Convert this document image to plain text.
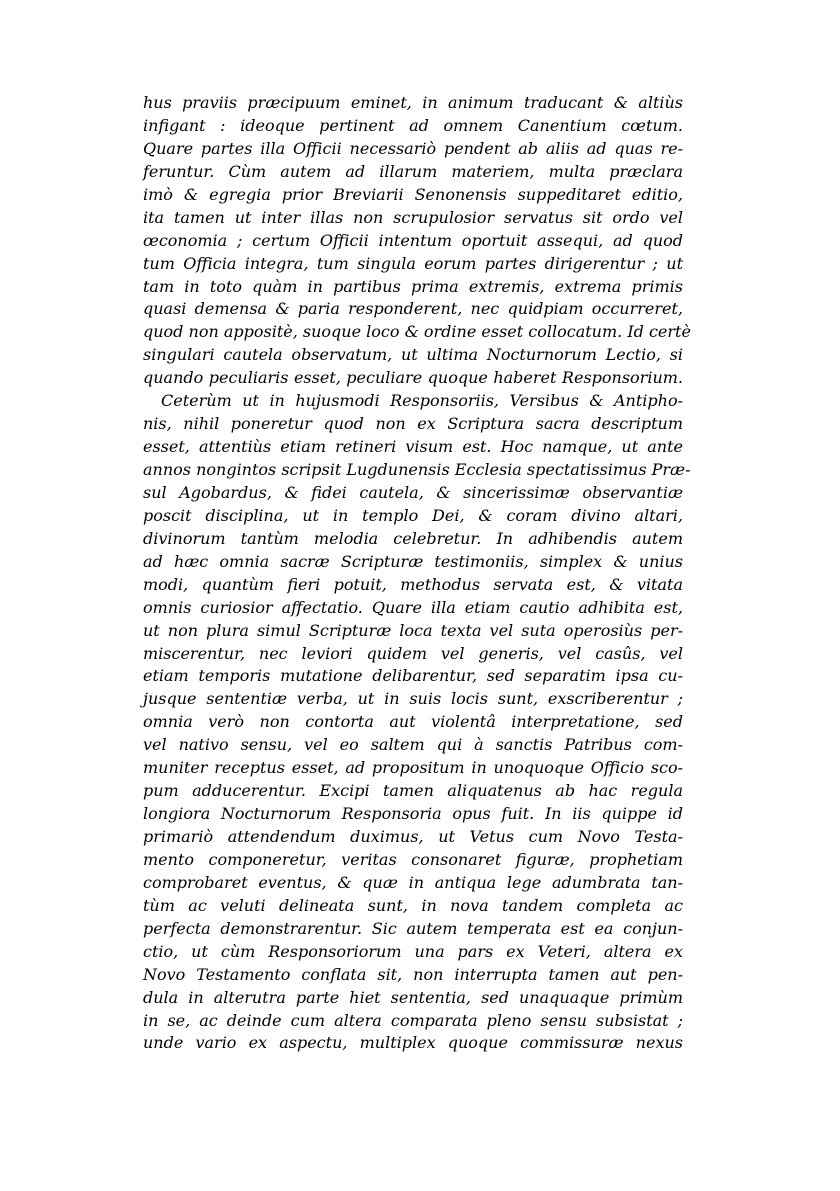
hus praviis præcipuum eminet, in animum traducant & altiùs
infigant : ideoque pertinent ad omnem Canentium cœtum.
Quare partes illa Officii necessariò pendent ab aliis ad quas re-
feruntur. Cùm autem ad illarum materiem, multa præclara
imò & egregia prior Breviarii Senonensis suppeditaret editio,
ita tamen ut inter illas non scrupulosior servatus sit ordo vel
œconomia ; certum Officii intentum oportuit assequi, ad quod
tum Officia integra, tum singula eorum partes dirigerentur ; ut
tam in toto quàm in partibus prima extremis, extrema primis
quasi demensa & paria responderent, nec quidpiam occurreret,
quod non appositè, suoque loco & ordine esset collocatum. Id certè
singulari cautela observatum, ut ultima Nocturnorum Lectio, si
quando peculiaris esset, peculiare quoque haberet Responsorium.
Ceterùm ut in hujusmodi Responsoriis, Versibus & Antipho-
nis, nihil poneretur quod non ex Scriptura sacra descriptum
esset, attentiùs etiam retineri visum est. Hoc namque, ut ante
annos nongintos scripsit Lugdunensis Ecclesia spectatissimus Præ-
sul Agobardus, & fidei cautela, & sincerissimæ observantiæ
poscit disciplina, ut in templo Dei, & coram divino altari,
divinorum tantùm melodia celebretur. In adhibendis autem
ad hæc omnia sacræ Scripturæ testimoniis, simplex & unius
modi, quantùm fieri potuit, methodus servata est, & vitata
omnis curiosior affectatio. Quare illa etiam cautio adhibita est,
ut non plura simul Scripturæ loca texta vel suta operosiùs per-
miscerentur, nec leviori quidem vel generis, vel casûs, vel
etiam temporis mutatione delibarentur, sed separatim ipsa cu-
jusque sententiæ verba, ut in suis locis sunt, exscriberentur ;
omnia verò non contorta aut violentâ interpretatione, sed
vel nativo sensu, vel eo saltem qui à sanctis Patribus com-
muniter receptus esset, ad propositum in unoquoque Officio sco-
pum adducerentur. Excipi tamen aliquatenus ab hac regula
longiora Nocturnorum Responsoria opus fuit. In iis quippe id
primariò attendendum duximus, ut Vetus cum Novo Testa-
mento componeretur, veritas consonaret figuræ, prophetiam
comprobaret eventus, & quæ in antiqua lege adumbrata tan-
tùm ac veluti delineata sunt, in nova tandem completa ac
perfecta demonstrarentur. Sic autem temperata est ea conjun-
ctio, ut cùm Responsoriorum una pars ex Veteri, altera ex
Novo Testamento conflata sit, non interrupta tamen aut pen-
dula in alterutra parte hiet sententia, sed unaquaque primùm
in se, ac deinde cum altera comparata pleno sensu subsistat ;
unde vario ex aspectu, multiplex quoque commissuræ nexus
